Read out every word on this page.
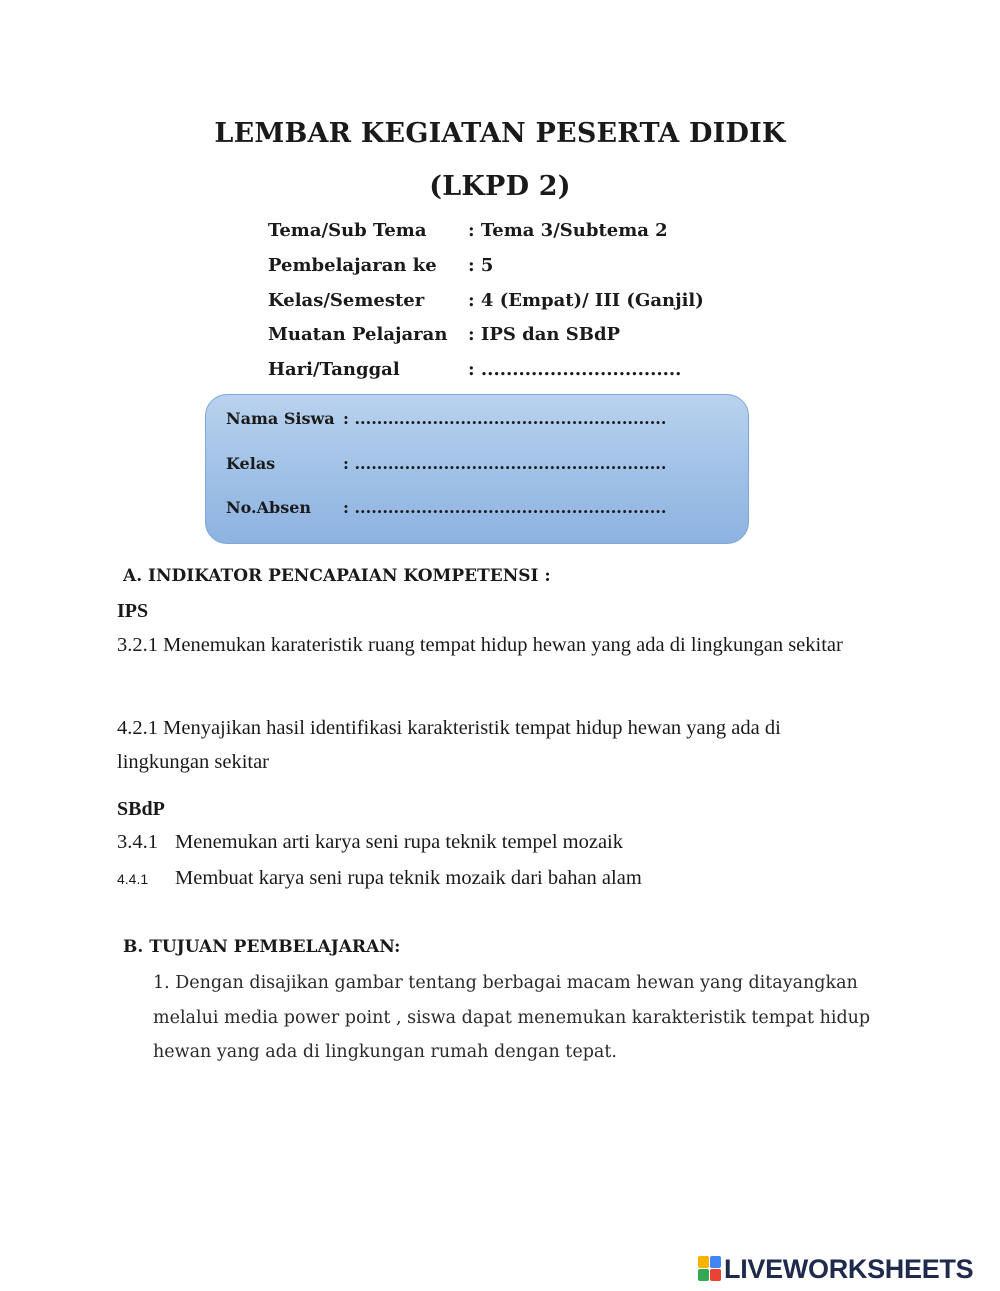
LEMBAR KEGIATAN PESERTA DIDIK
(LKPD 2)
Tema/Sub Tema : Tema 3/Subtema 2
Pembelajaran ke : 5
Kelas/Semester : 4 (Empat)/ III (Ganjil)
Muatan Pelajaran : IPS dan SBdP
Hari/Tanggal	: ................................
Nama Siswa : ........................................................
Kelas	: ........................................................
No.Absen : ........................................................
A. INDIKATOR PENCAPAIAN KOMPETENSI :
IPS
3.2.1 Menemukan karateristik ruang tempat hidup hewan yang ada di lingkungan sekitar
4.2.1 Menyajikan hasil identifikasi karakteristik tempat hidup hewan yang ada di lingkungan sekitar
SBdP
3.4.1 Menemukan arti karya seni rupa teknik tempel mozaik
4.4.1 Membuat karya seni rupa teknik mozaik dari bahan alam
B. TUJUAN PEMBELAJARAN:
1. Dengan disajikan gambar tentang berbagai macam hewan yang ditayangkan melalui media power point , siswa dapat menemukan karakteristik tempat hidup hewan yang ada di lingkungan rumah dengan tepat.
LIVEWORKSHEETS
